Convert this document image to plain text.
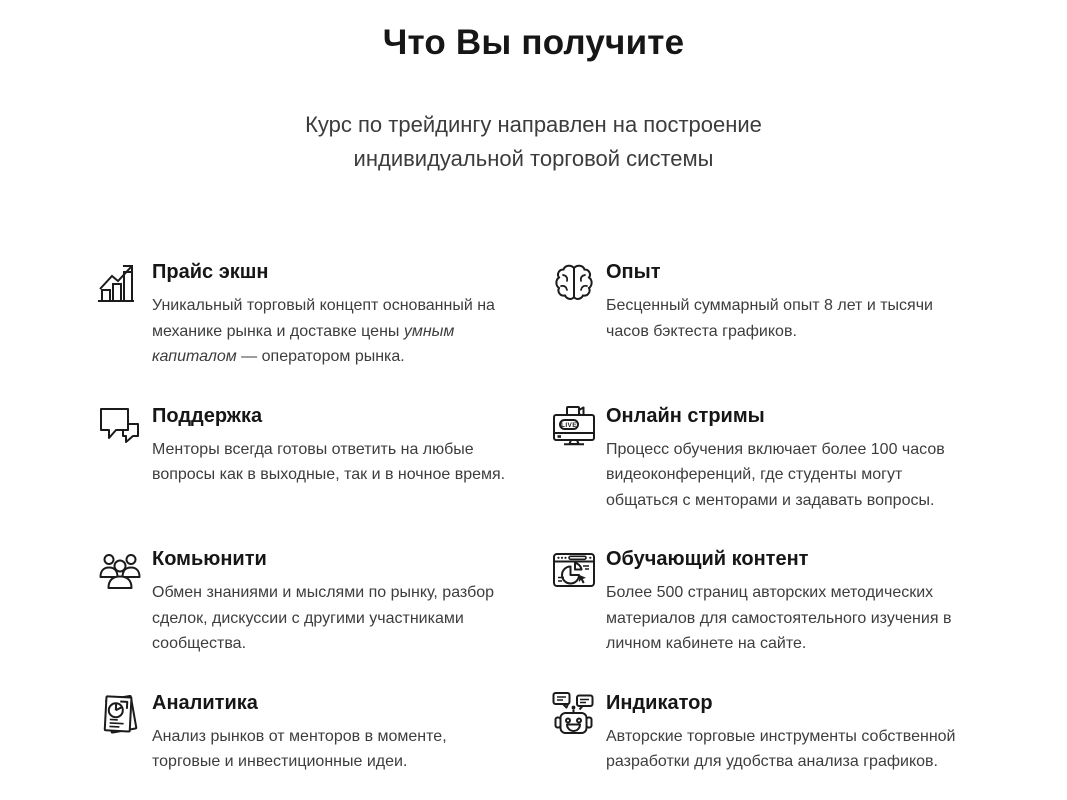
Что Вы получите
Курс по трейдингу направлен на построение
индивидуальной торговой системы
Прайс экшн

Уникальный торговый концепт основанный на механике рынка и доставке цены умным капиталом — оператором рынка.

Опыт

Бесценный суммарный опыт 8 лет и тысячи часов бэктеста графиков.

Поддержка

Менторы всегда готовы ответить на любые вопросы как в выходные, так и в ночное время.

LIVE Онлайн стримы

Процесс обучения включает более 100 часов видеоконференций, где студенты могут общаться с менторами и задавать вопросы.

Комьюнити

Обмен знаниями и мыслями по рынку, разбор сделок, дискуссии с другими участниками сообщества.

Обучающий контент

Более 500 страниц авторских методических материалов для самостоятельного изучения в личном кабинете на сайте.

Аналитика

Анализ рынков от менторов в моменте, торговые и инвестиционные идеи.

Индикатор

Авторские торговые инструменты собственной разработки для удобства анализа графиков.
